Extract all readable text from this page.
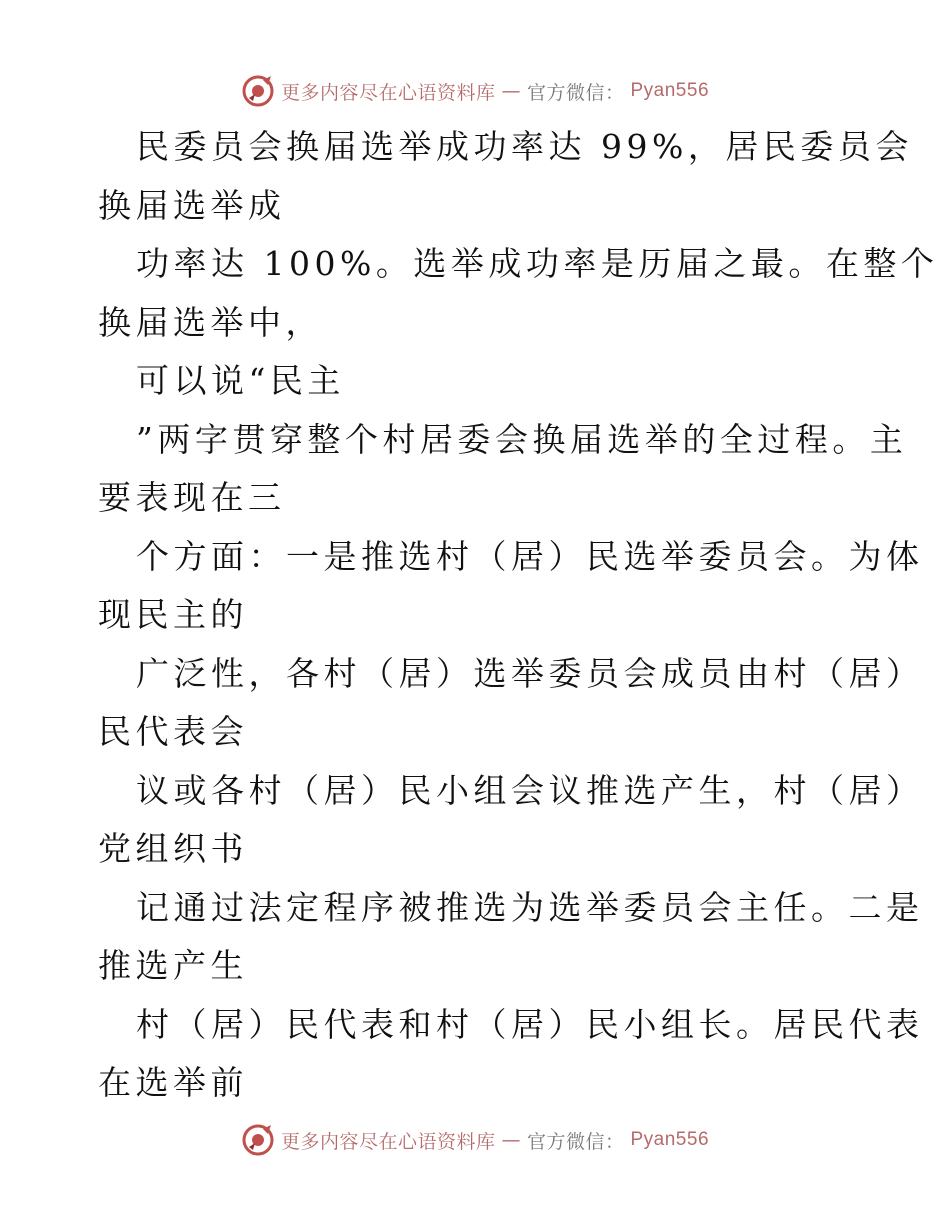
更多内容尽在心语资料库 — 官方微信： Pyan556
民委员会换届选举成功率达 99%，居民委员会
换届选举成
功率达 100%。选举成功率是历届之最。在整个
换届选举中，
可以说“民主
”两字贯穿整个村居委会换届选举的全过程。主
要表现在三
个方面：一是推选村（居）民选举委员会。为体
现民主的
广泛性，各村（居）选举委员会成员由村（居）
民代表会
议或各村（居）民小组会议推选产生，村（居）
党组织书
记通过法定程序被推选为选举委员会主任。二是
推选产生
村（居）民代表和村（居）民小组长。居民代表
在选举前
更多内容尽在心语资料库 — 官方微信： Pyan556
